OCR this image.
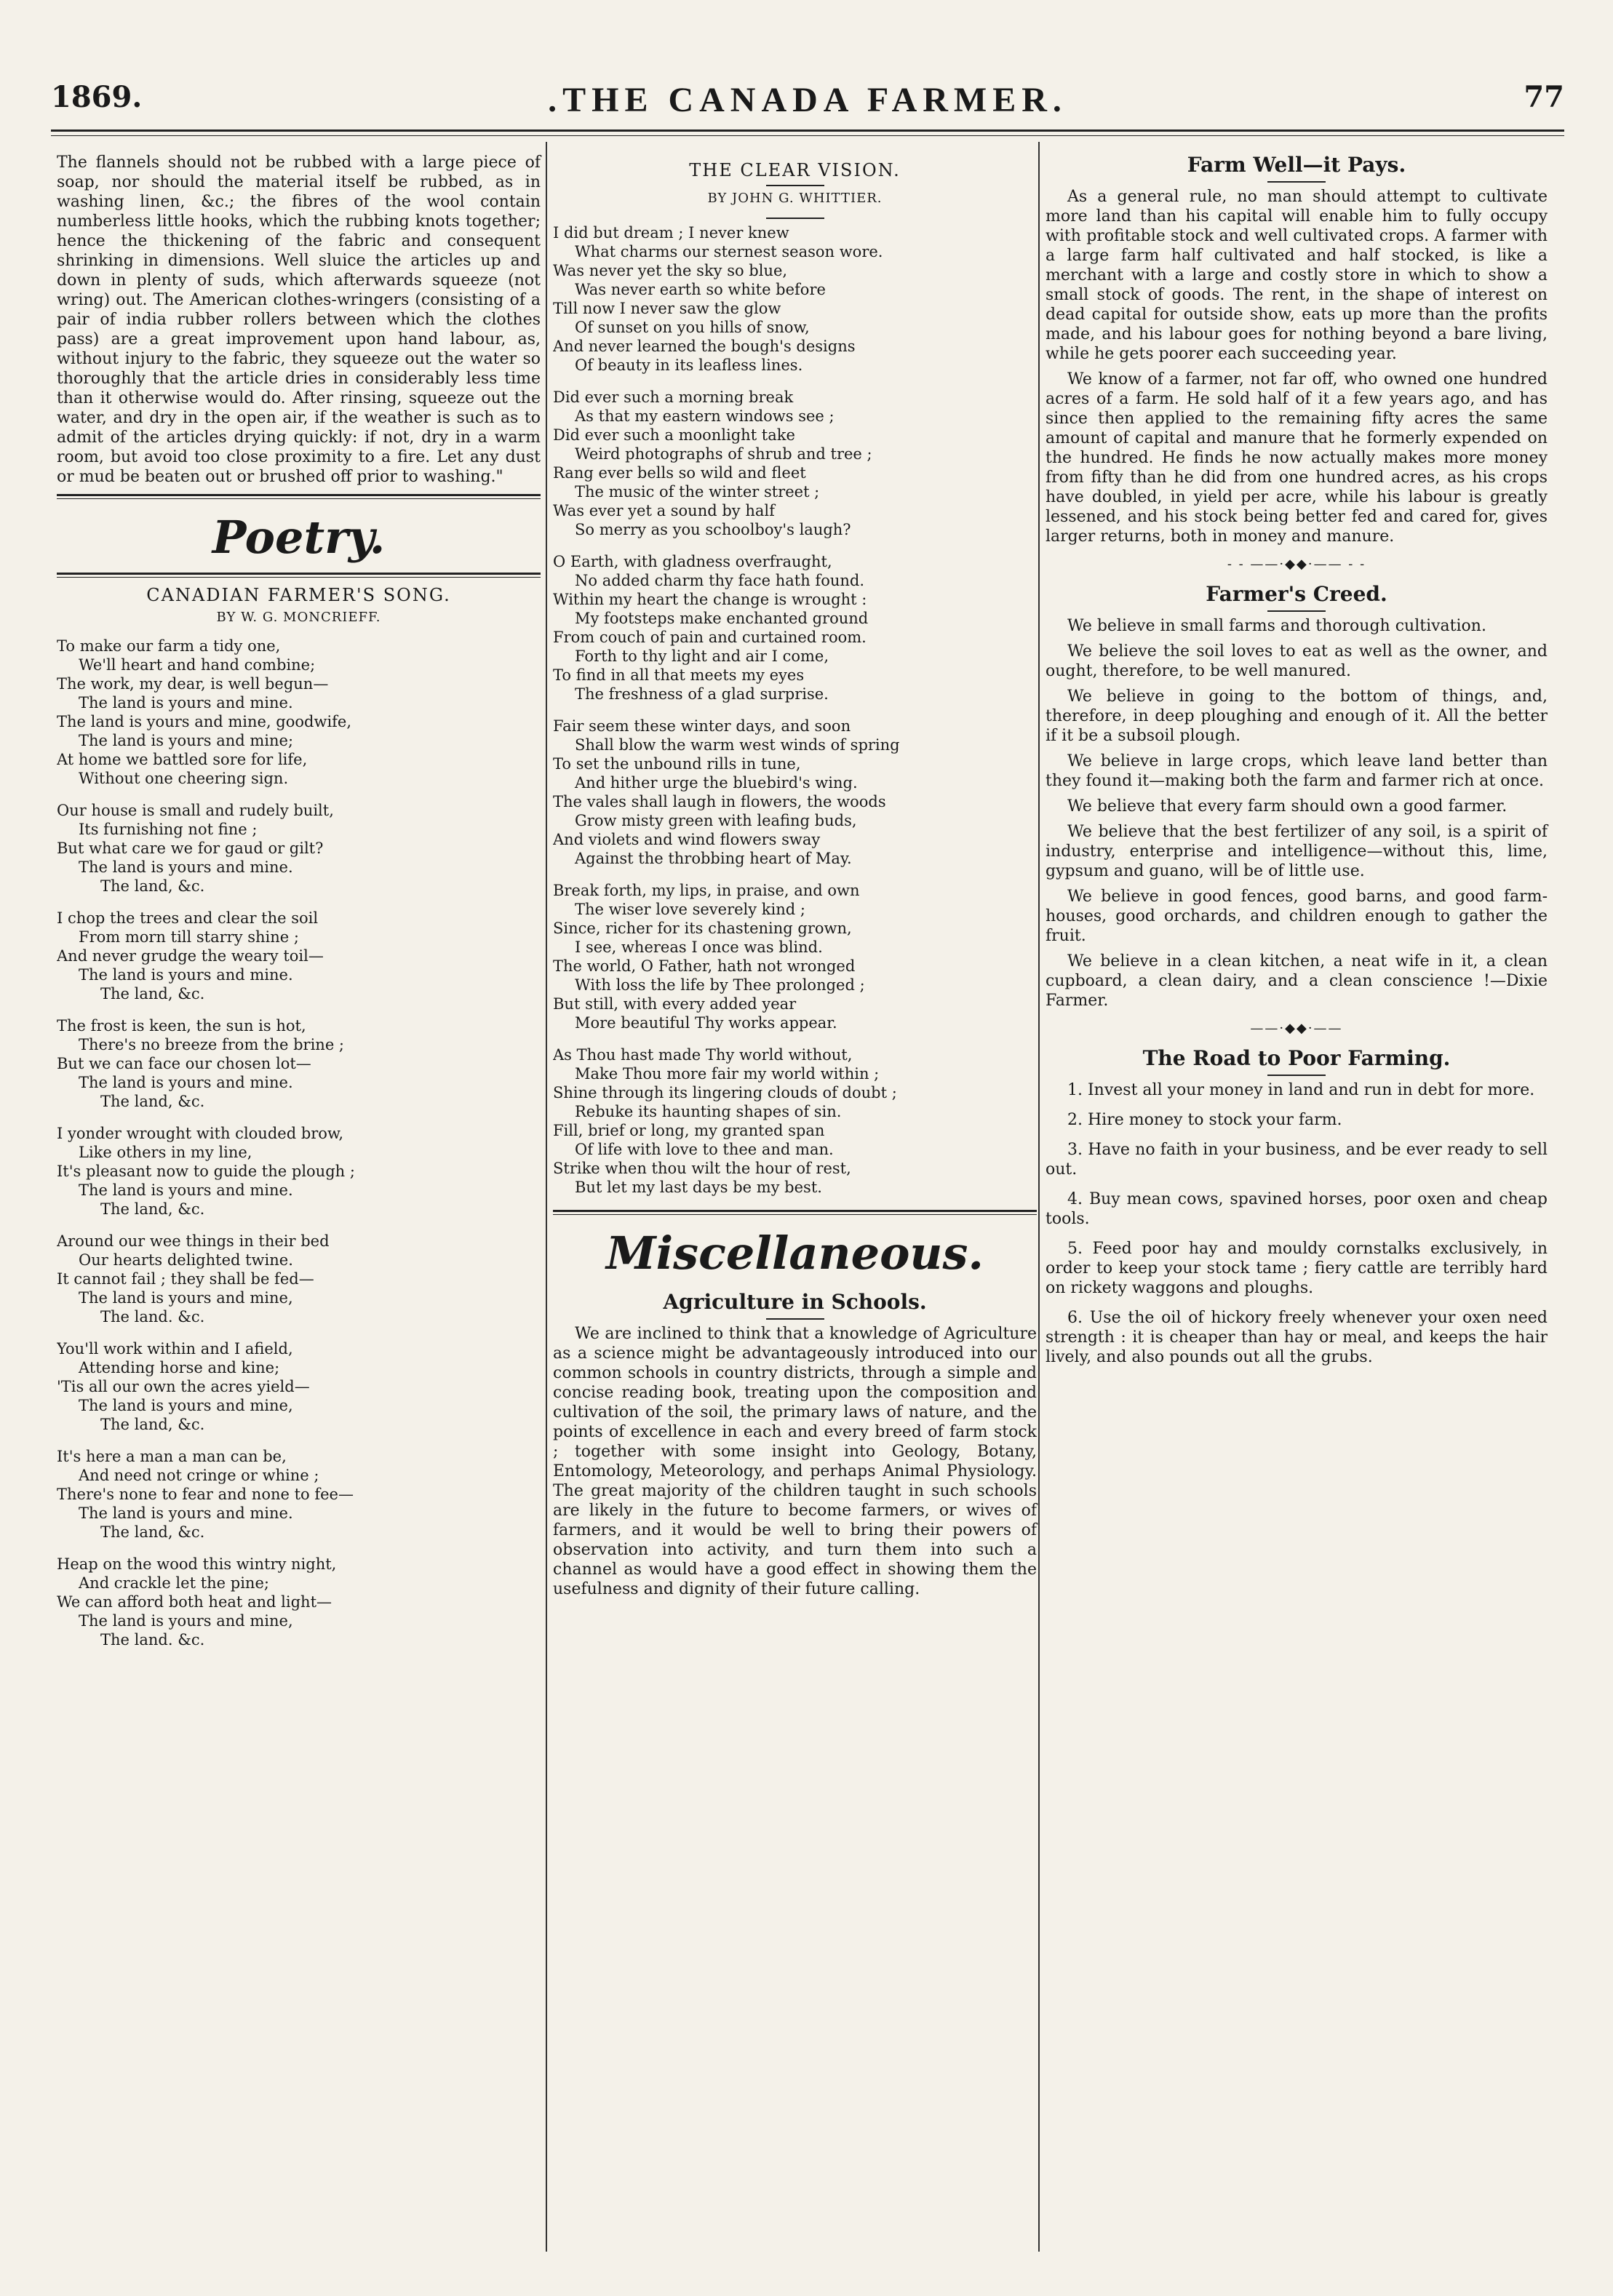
1869.	.THE CANADA FARMER.	77

The flannels should not be rubbed with a large piece of soap, nor should the material itself be rubbed, as in washing linen, &c.; the fibres of the wool contain numberless little hooks, which the rubbing knots together; hence the thickening of the fabric and consequent shrinking in dimensions. Well sluice the articles up and down in plenty of suds, which afterwards squeeze (not wring) out. The American clothes-wringers (consisting of a pair of india rubber rollers between which the clothes pass) are a great improvement upon hand labour, as, without injury to the fabric, they squeeze out the water so thoroughly that the article dries in considerably less time than it otherwise would do. After rinsing, squeeze out the water, and dry in the open air, if the weather is such as to admit of the articles drying quickly: if not, dry in a warm room, but avoid too close proximity to a fire. Let any dust or mud be beaten out or brushed off prior to washing."

Poetry.
CANADIAN FARMER'S SONG.
BY W. G. MONCRIEFF.
To make our farm a tidy one,
We'll heart and hand combine;
The work, my dear, is well begun—
The land is yours and mine.
The land is yours and mine, goodwife,
The land is yours and mine;
At home we battled sore for life,
Without one cheering sign.
Our house is small and rudely built,
Its furnishing not fine ;
But what care we for gaud or gilt?
The land is yours and mine.
The land, &c.
I chop the trees and clear the soil
From morn till starry shine ;
And never grudge the weary toil—
The land is yours and mine.
The land, &c.
The frost is keen, the sun is hot,
There's no breeze from the brine ;
But we can face our chosen lot—
The land is yours and mine.
The land, &c.
I yonder wrought with clouded brow,
Like others in my line,
It's pleasant now to guide the plough ;
The land is yours and mine.
The land, &c.
Around our wee things in their bed
Our hearts delighted twine.
It cannot fail ; they shall be fed—
The land is yours and mine,
The land. &c.
You'll work within and I afield,
Attending horse and kine;
'Tis all our own the acres yield—
The land is yours and mine,
The land, &c.
It's here a man a man can be,
And need not cringe or whine ;
There's none to fear and none to fee—
The land is yours and mine.
The land, &c.
Heap on the wood this wintry night,
And crackle let the pine;
We can afford both heat and light—
The land is yours and mine,
The land. &c.
THE CLEAR VISION.
BY JOHN G. WHITTIER.
I did but dream ; I never knew
What charms our sternest season wore.
Was never yet the sky so blue,
Was never earth so white before
Till now I never saw the glow
Of sunset on you hills of snow,
And never learned the bough's designs
Of beauty in its leafless lines.
Did ever such a morning break
As that my eastern windows see ;
Did ever such a moonlight take
Weird photographs of shrub and tree ;
Rang ever bells so wild and fleet
The music of the winter street ;
Was ever yet a sound by half
So merry as you schoolboy's laugh?
O Earth, with gladness overfraught,
No added charm thy face hath found.
Within my heart the change is wrought :
My footsteps make enchanted ground
From couch of pain and curtained room.
Forth to thy light and air I come,
To find in all that meets my eyes
The freshness of a glad surprise.
Fair seem these winter days, and soon
Shall blow the warm west winds of spring
To set the unbound rills in tune,
And hither urge the bluebird's wing.
The vales shall laugh in flowers, the woods
Grow misty green with leafing buds,
And violets and wind flowers sway
Against the throbbing heart of May.
Break forth, my lips, in praise, and own
The wiser love severely kind ;
Since, richer for its chastening grown,
I see, whereas I once was blind.
The world, O Father, hath not wronged
With loss the life by Thee prolonged ;
But still, with every added year
More beautiful Thy works appear.
As Thou hast made Thy world without,
Make Thou more fair my world within ;
Shine through its lingering clouds of doubt ;
Rebuke its haunting shapes of sin.
Fill, brief or long, my granted span
Of life with love to thee and man.
Strike when thou wilt the hour of rest,
But let my last days be my best.
Miscellaneous.
Agriculture in Schools.

We are inclined to think that a knowledge of Agriculture as a science might be advantageously introduced into our common schools in country districts, through a simple and concise reading book, treating upon the composition and cultivation of the soil, the primary laws of nature, and the points of excellence in each and every breed of farm stock ; together with some insight into Geology, Botany, Entomology, Meteorology, and perhaps Animal Physiology. The great majority of the children taught in such schools are likely in the future to become farmers, or wives of farmers, and it would be well to bring their powers of observation into activity, and turn them into such a channel as would have a good effect in showing them the usefulness and dignity of their future calling.

Farm Well—it Pays.

As a general rule, no man should attempt to cultivate more land than his capital will enable him to fully occupy with profitable stock and well cultivated crops. A farmer with a large farm half cultivated and half stocked, is like a merchant with a large and costly store in which to show a small stock of goods. The rent, in the shape of interest on dead capital for outside show, eats up more than the profits made, and his labour goes for nothing beyond a bare living, while he gets poorer each succeeding year.

We know of a farmer, not far off, who owned one hundred acres of a farm. He sold half of it a few years ago, and has since then applied to the remaining fifty acres the same amount of capital and manure that he formerly expended on the hundred. He finds he now actually makes more money from fifty than he did from one hundred acres, as his crops have doubled, in yield per acre, while his labour is greatly lessened, and his stock being better fed and cared for, gives larger returns, both in money and manure.

- - ——·◆◆·—— - -
Farmer's Creed.

We believe in small farms and thorough cultivation.

We believe the soil loves to eat as well as the owner, and ought, therefore, to be well manured.

We believe in going to the bottom of things, and, therefore, in deep ploughing and enough of it. All the better if it be a subsoil plough.

We believe in large crops, which leave land better than they found it—making both the farm and farmer rich at once.

We believe that every farm should own a good farmer.

We believe that the best fertilizer of any soil, is a spirit of industry, enterprise and intelligence—without this, lime, gypsum and guano, will be of little use.

We believe in good fences, good barns, and good farm-houses, good orchards, and children enough to gather the fruit.

We believe in a clean kitchen, a neat wife in it, a clean cupboard, a clean dairy, and a clean conscience !—Dixie Farmer.

——·◆◆·——
The Road to Poor Farming.

1. Invest all your money in land and run in debt for more.

2. Hire money to stock your farm.

3. Have no faith in your business, and be ever ready to sell out.

4. Buy mean cows, spavined horses, poor oxen and cheap tools.

5. Feed poor hay and mouldy cornstalks exclusively, in order to keep your stock tame ; fiery cattle are terribly hard on rickety waggons and ploughs.

6. Use the oil of hickory freely whenever your oxen need strength : it is cheaper than hay or meal, and keeps the hair lively, and also pounds out all the grubs.
